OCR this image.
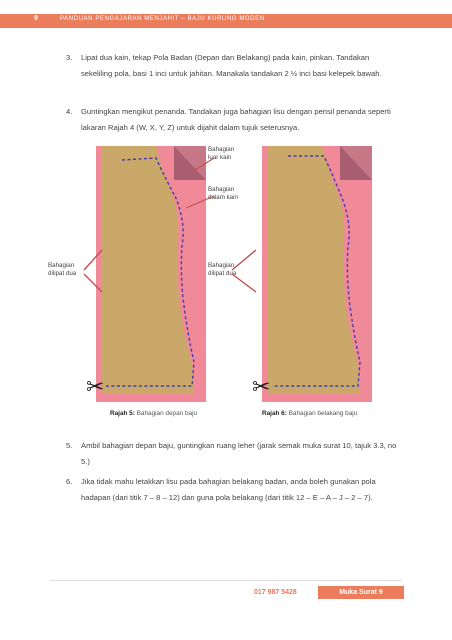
9	PANDUAN PENGAJARAN MENJAHIT – BAJU KURUNG MODEN
3. Lipat dua kain, tekap Pola Badan (Depan dan Belakang) pada kain, pinkan. Tandakan sekeliling pola, basi 1 inci untuk jahitan. Manakala tandakan 2 ½ inci basi kelepek bawah.
4. Guntingkan mengikut penanda. Tandakan juga bahagian lisu dengan pensil penanda seperti lakaran Rajah 4 (W, X, Y, Z) untuk dijahit dalam tujuk seterusnya.
Bahagian
luar kain
Bahagian
dalam kain
Bahagian
dilipat dua
Bahagian
dilipat dua
✂	✂
Rajah 5: Bahagian depan baju	Rajah 6: Bahagian belakang baju
5. Ambil bahagian depan baju, guntingkan ruang leher (jarak semak muka surat 10, tajuk 3.3, no 5.)
6. Jika tidak mahu letakkan lisu pada bahagian belakang badan, anda boleh gunakan pola hadapan (dari titik 7 – 8 – 12) dan guna pola belakang (dari titik 12 – E – A – J – 2 – 7).
017 987 5428	Muka Surat 9
